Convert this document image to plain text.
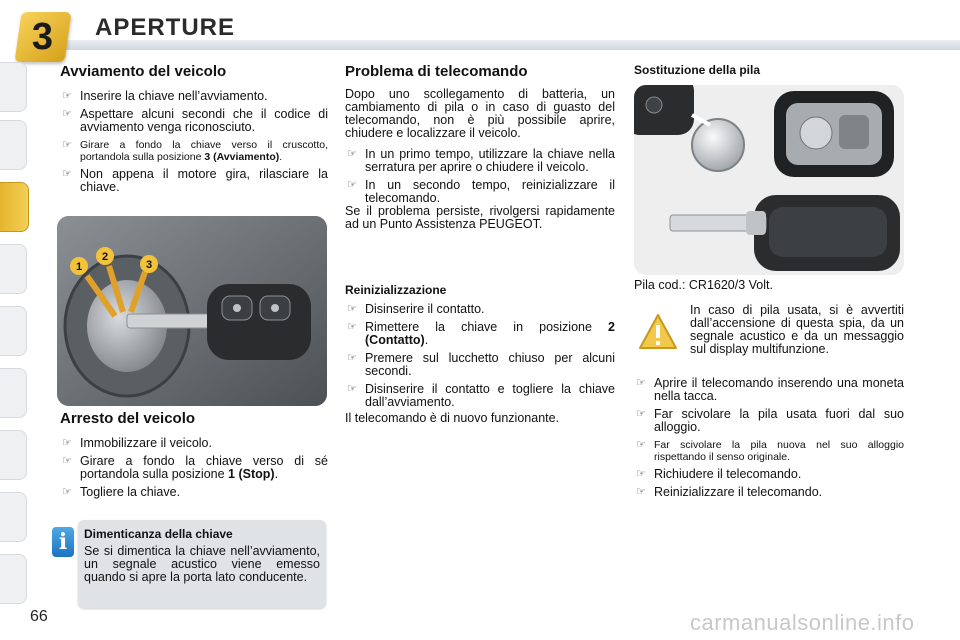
3 APERTURE
Avviamento del veicolo
☞ Inserire la chiave nell’avviamento.
☞ Aspettare alcuni secondi che il codice di avviamento venga riconosciuto.
☞ Girare a fondo la chiave verso il cruscotto, portandola sulla posizione 3 (Avviamento).
☞ Non appena il motore gira, rilasciare la chiave.
1
2
3
Arresto del veicolo
☞ Immobilizzare il veicolo.
☞ Girare a fondo la chiave verso di sé portandola sulla posizione 1 (Stop).
☞ Togliere la chiave.
i	Dimenticanza della chiave
Se si dimentica la chiave nell’avviamento, un segnale acustico viene emesso quando si apre la porta lato conducente.
Problema di telecomando
Dopo uno scollegamento di batteria, un cambiamento di pila o in caso di guasto del telecomando, non è più possibile aprire, chiudere e localizzare il veicolo.
☞ In un primo tempo, utilizzare la chiave nella serratura per aprire o chiudere il veicolo.
☞ In un secondo tempo, reinizializzare il telecomando.
Se il problema persiste, rivolgersi rapidamente ad un Punto Assistenza PEUGEOT.
Reinizializzazione
☞ Disinserire il contatto.
☞ Rimettere la chiave in posizione 2 (Contatto).
☞ Premere sul lucchetto chiuso per alcuni secondi.
☞ Disinserire il contatto e togliere la chiave dall’avviamento.
Il telecomando è di nuovo funzionante.
Sostituzione della pila
Pila cod.: CR1620/3 Volt.
In caso di pila usata, si è avvertiti dall’accensione di questa spia, da un segnale acustico e da un messaggio sul display multifunzione.
☞ Aprire il telecomando inserendo una moneta nella tacca.
☞ Far scivolare la pila usata fuori dal suo alloggio.
☞ Far scivolare la pila nuova nel suo alloggio rispettando il senso originale.
☞ Richiudere il telecomando.
☞ Reinizializzare il telecomando.
66	carmanualsonline.info
